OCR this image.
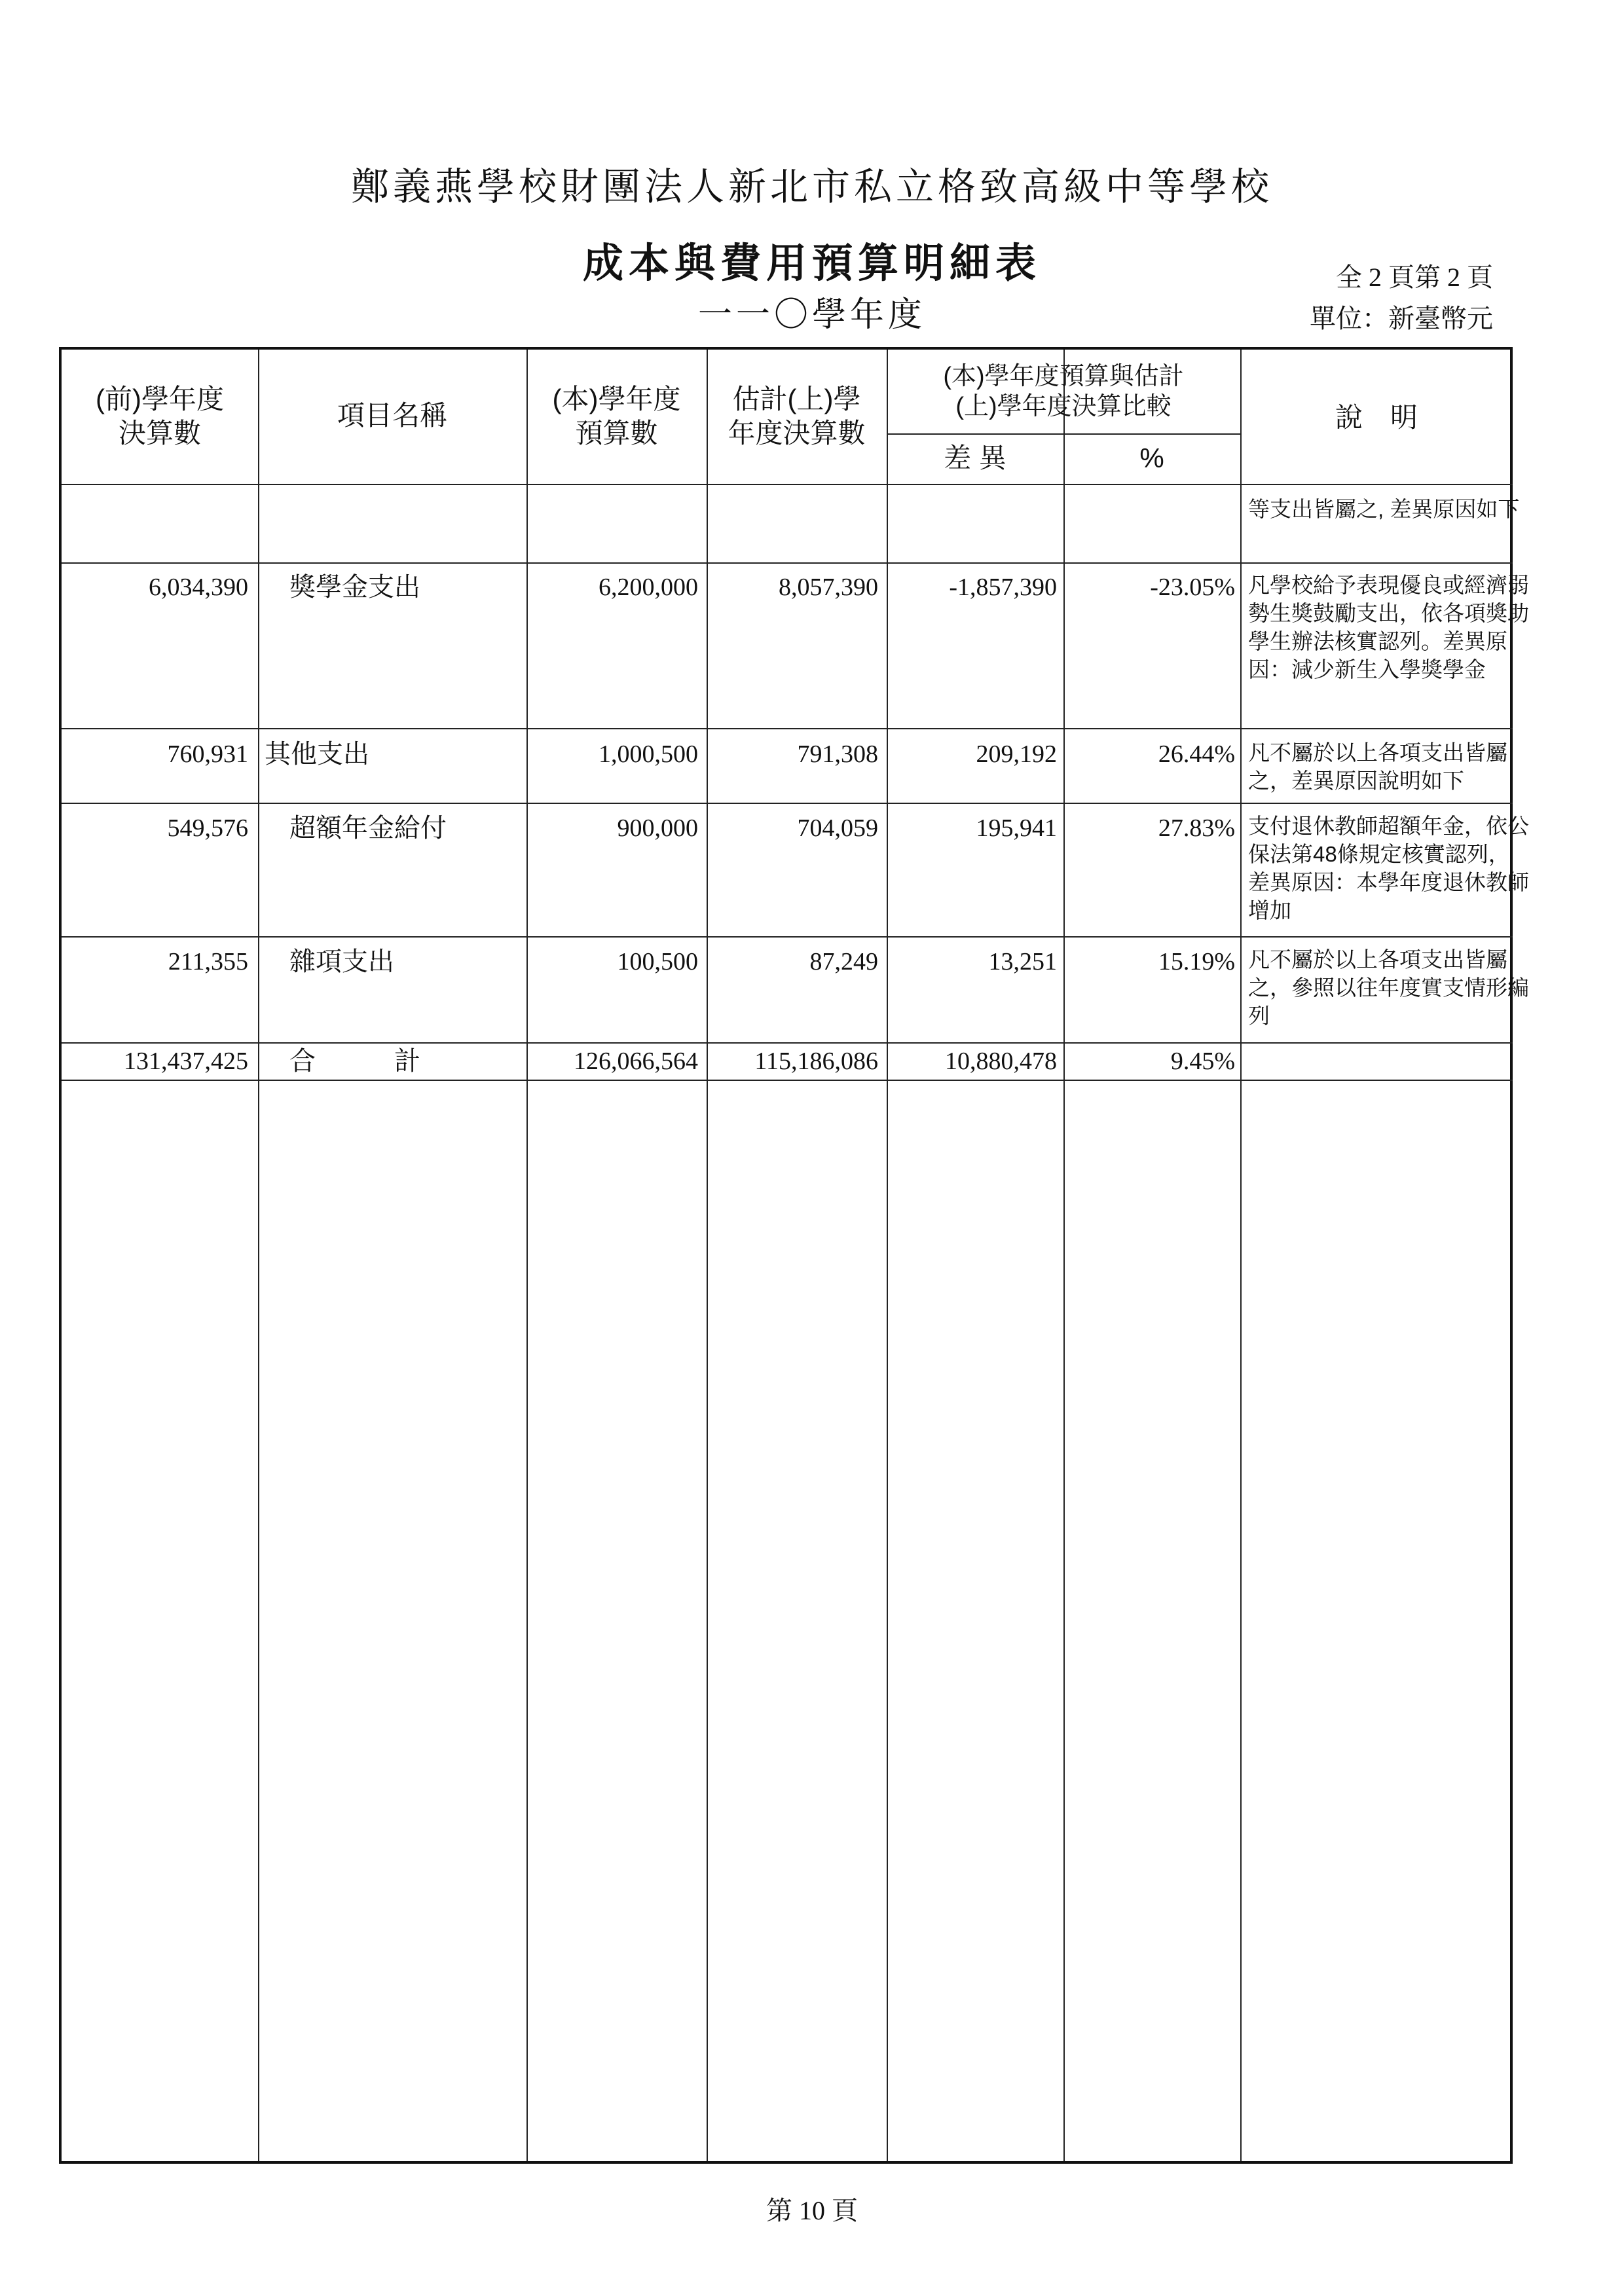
鄭義燕學校財團法人新北市私立格致高級中等學校
成本與費用預算明細表
一一〇學年度
全 2 頁第 2 頁
單位：新臺幣元
(前)學年度
決算數
項目名稱
(本)學年度
預算數
估計(上)學
年度決算數
(本)學年度預算與估計
(上)學年度決算比較
差 異	%
說　明
等支出皆屬之, 差異原因如下
6,034,390 獎學金支出	6,200,000	8,057,390	-1,857,390	-23.05% 凡學校給予表現優良或經濟弱勢生獎鼓勵支出，依各項獎助學生辦法核實認列。差異原因：減少新生入學獎學金
760,931 其他支出	1,000,500	791,308	209,192	26.44% 凡不屬於以上各項支出皆屬之，差異原因說明如下
549,576 超額年金給付	900,000	704,059	195,941	27.83% 支付退休教師超額年金，依公保法第48條規定核實認列，差異原因：本學年度退休教師增加
211,355 雜項支出	100,500	87,249	13,251	15.19% 凡不屬於以上各項支出皆屬之，參照以往年度實支情形編列
131,437,425 合　　　計	126,066,564	115,186,086	10,880,478	9.45%
第 10 頁
